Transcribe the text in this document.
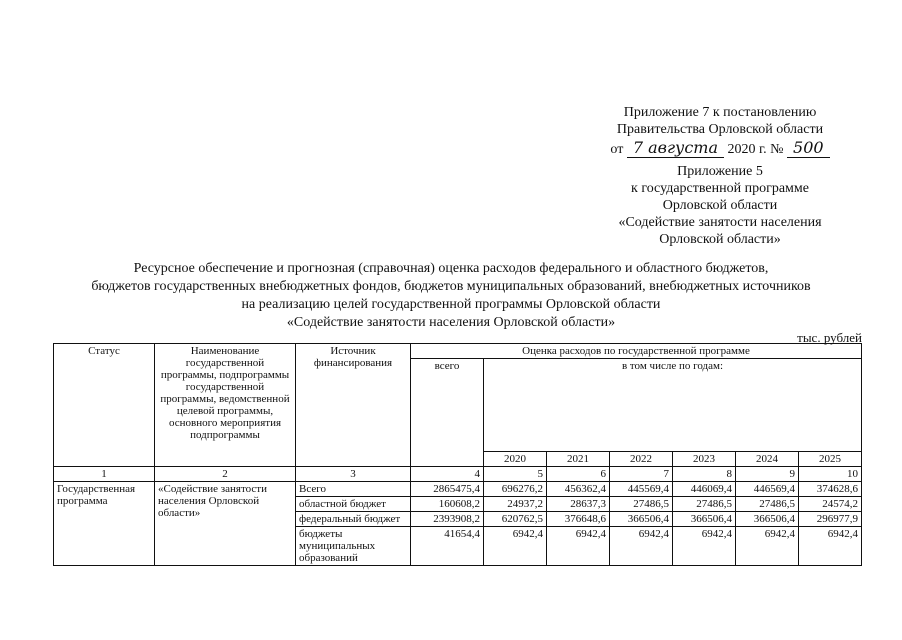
Приложение 7 к постановлению
Правительства Орловской области
от 7 августа 2020 г. № 500
Приложение 5
к государственной программе
Орловской области
«Содействие занятости населения
Орловской области»
Ресурсное обеспечение и прогнозная (справочная) оценка расходов федерального и областного бюджетов,
бюджетов государственных внебюджетных фондов, бюджетов муниципальных образований, внебюджетных источников
на реализацию целей государственной программы Орловской области
«Содействие занятости населения Орловской области»
тыс. рублей
Статус	Наименование государственной программы, подпрограммы государственной программы, ведомственной целевой программы, основного мероприятия подпрограммы	Источник финансирования	Оценка расходов по государственной программе						
			всего	в том числе по годам:					
				2020	2021	2022	2023	2024	2025
1	2	3	4	5	6	7	8	9	10
Государственная программа	«Содействие занятости населения Орловской области»	Всего	2865475,4	696276,2	456362,4	445569,4	446069,4	446569,4	374628,6
		областной бюджет	160608,2	24937,2	28637,3	27486,5	27486,5	27486,5	24574,2
		федеральный бюджет	2393908,2	620762,5	376648,6	366506,4	366506,4	366506,4	296977,9
		бюджеты муниципальных образований	41654,4	6942,4	6942,4	6942,4	6942,4	6942,4	6942,4
